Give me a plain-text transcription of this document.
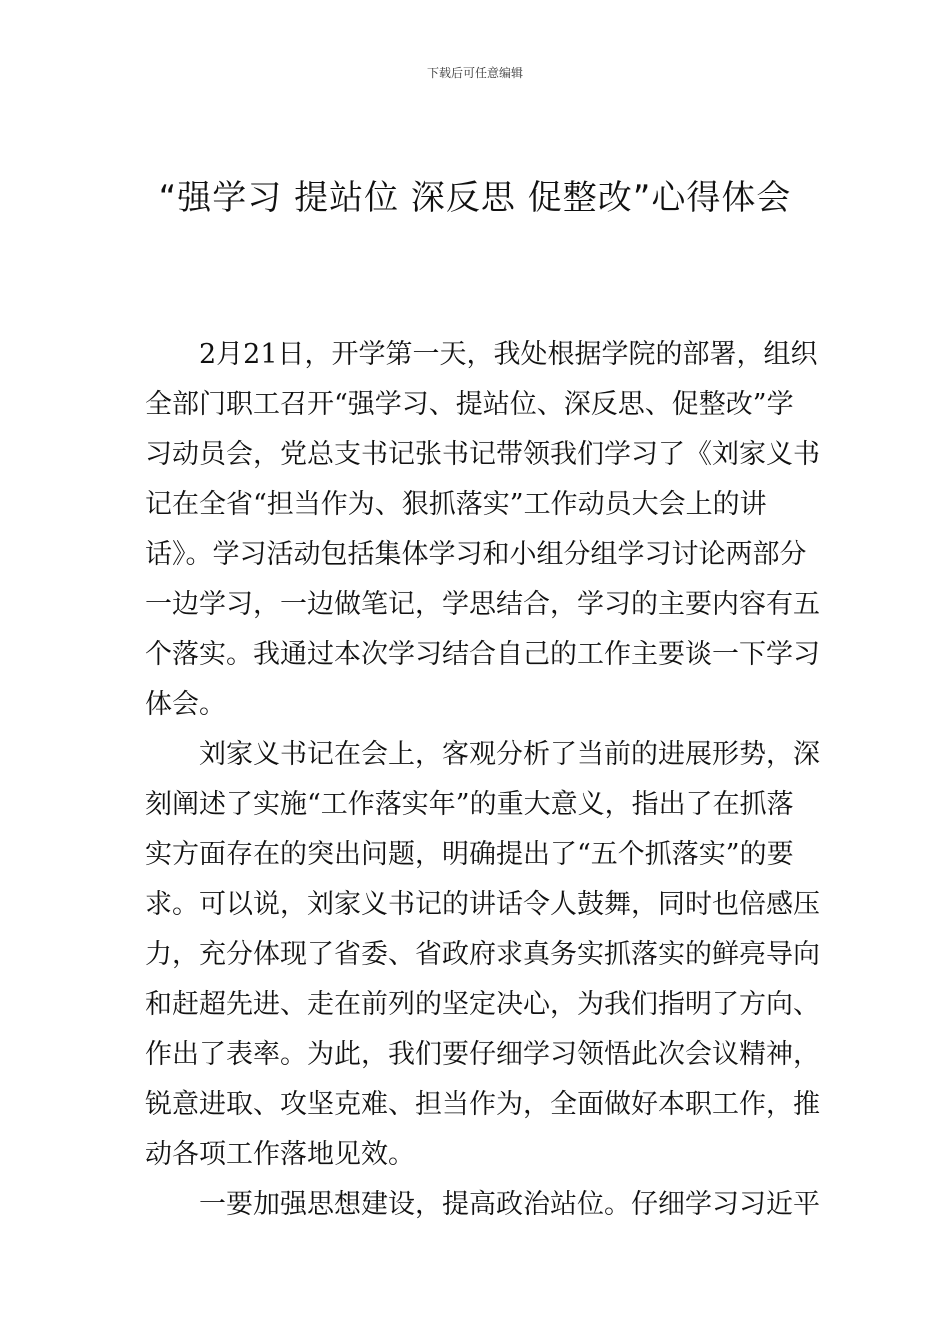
下载后可任意编辑
“强学习 提站位 深反思 促整改”心得体会

2月21日，开学第一天，我处根据学院的部署，组织
全部门职工召开“强学习、提站位、深反思、促整改”学
习动员会，党总支书记张书记带领我们学习了《刘家义书
记在全省“担当作为、狠抓落实”工作动员大会上的讲
话》。学习活动包括集体学习和小组分组学习讨论两部分
一边学习，一边做笔记，学思结合，学习的主要内容有五
个落实。我通过本次学习结合自己的工作主要谈一下学习
体会。

刘家义书记在会上，客观分析了当前的进展形势，深
刻阐述了实施“工作落实年”的重大意义，指出了在抓落
实方面存在的突出问题，明确提出了“五个抓落实”的要
求。可以说，刘家义书记的讲话令人鼓舞，同时也倍感压
力，充分体现了省委、省政府求真务实抓落实的鲜亮导向
和赶超先进、走在前列的坚定决心，为我们指明了方向、
作出了表率。为此，我们要仔细学习领悟此次会议精神，
锐意进取、攻坚克难、担当作为，全面做好本职工作，推
动各项工作落地见效。

一要加强思想建设，提高政治站位。仔细学习习近平
